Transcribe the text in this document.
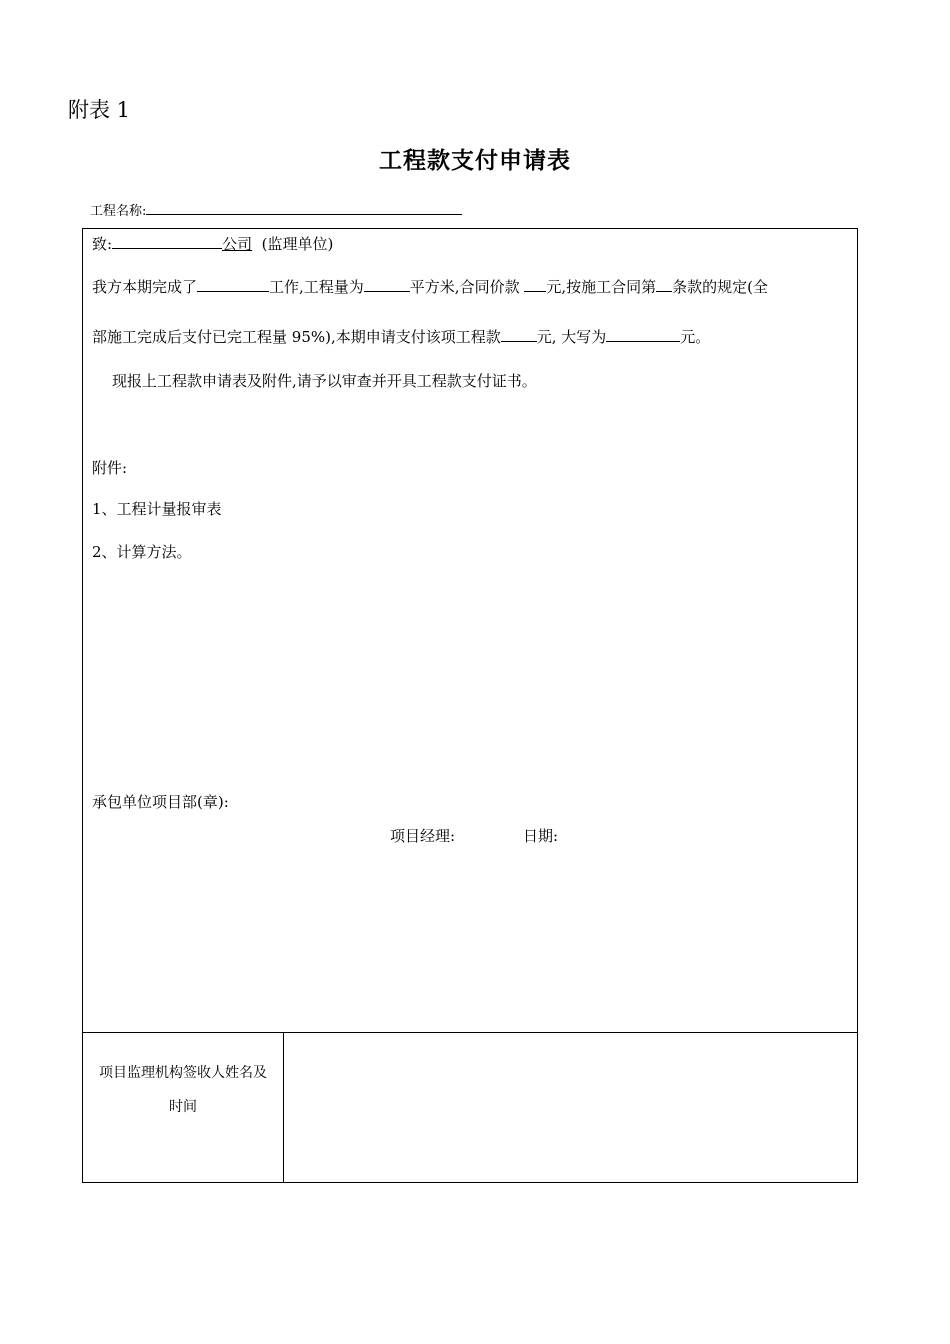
附表 1
工程款支付申请表
工程名称:
致:	公司 (监理单位)
我方本期完成了	工作,工程量为	平方米,合同价款 元,按施工合同第 条款的规定(全
部施工完成后支付已完工程量 95%),本期申请支付该项工程款 元, 大写为	元。
现报上工程款申请表及附件,请予以审查并开具工程款支付证书。
附件:
1、工程计量报审表
2、计算方法。
承包单位项目部(章):
项目经理:	日期:
项目监理机构签收人姓名及
时间
